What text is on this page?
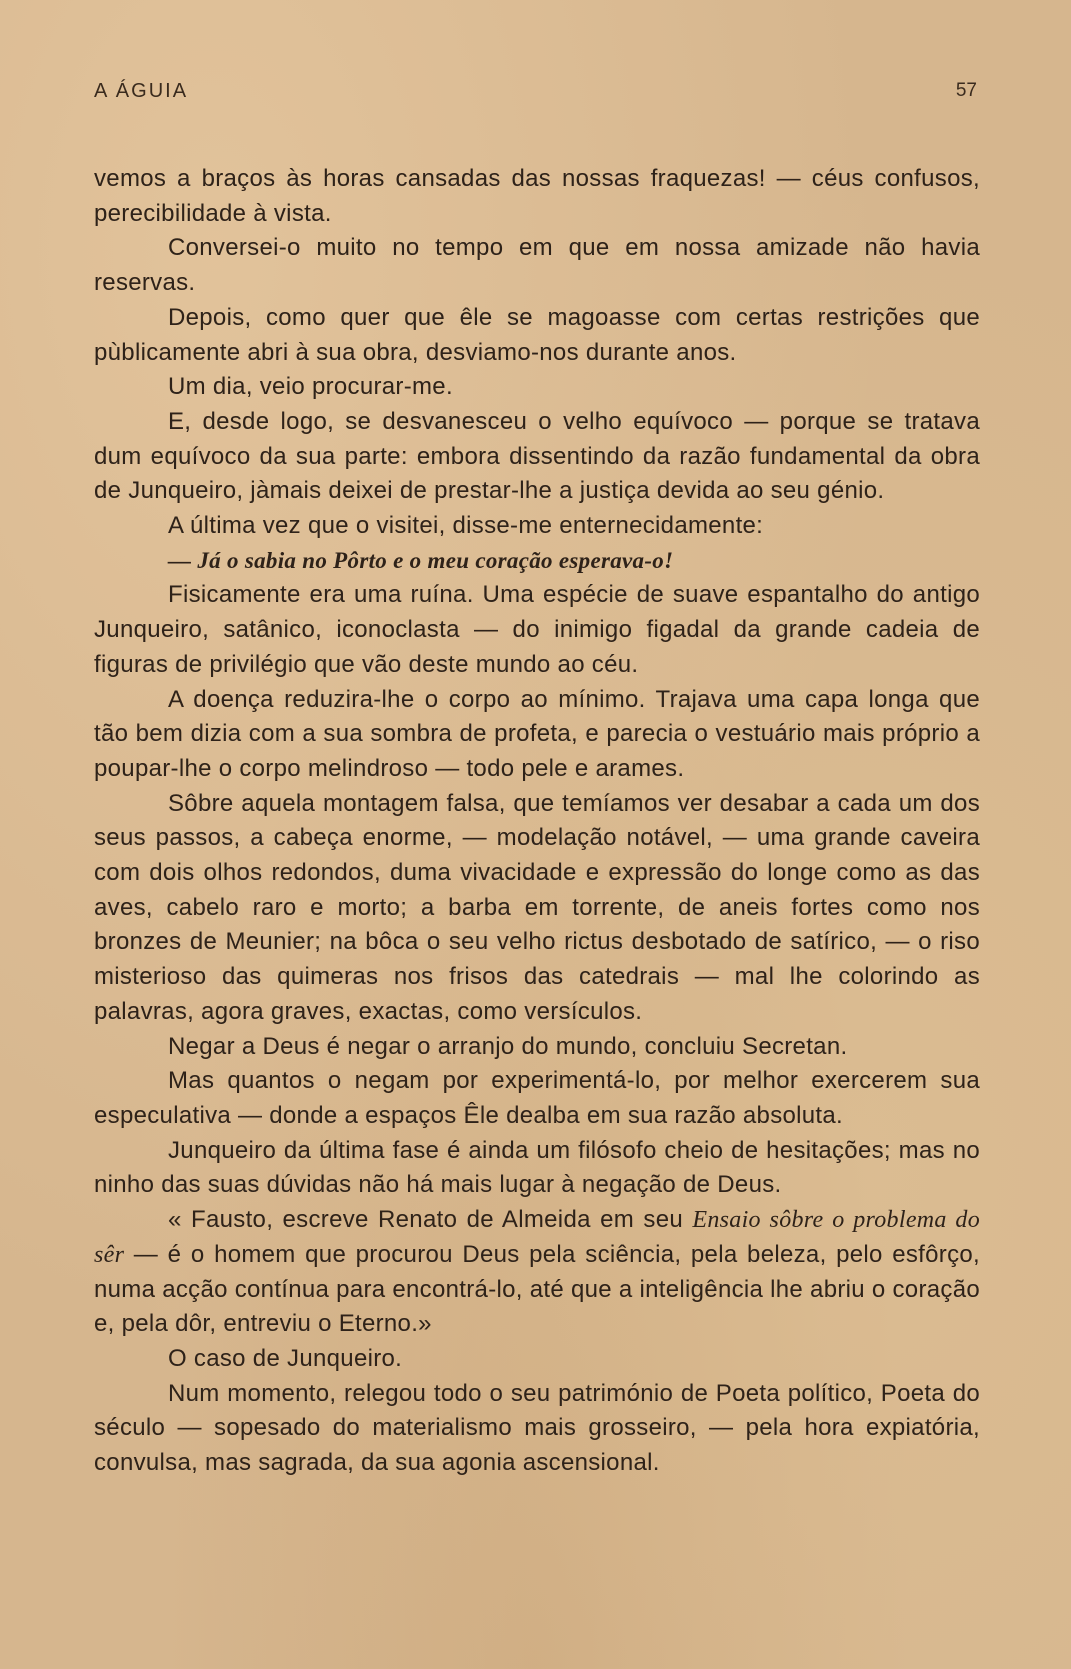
A ÁGUIA	57

vemos a braços às horas cansadas das nossas fraquezas! — céus confusos, perecibilidade à vista.

Conversei-o muito no tempo em que em nossa amizade não havia reservas.

Depois, como quer que êle se magoasse com certas restrições que pùblicamente abri à sua obra, desviamo-nos durante anos.

Um dia, veio procurar-me.

E, desde logo, se desvanesceu o velho equívoco — porque se tratava dum equívoco da sua parte: embora dissentindo da razão fundamental da obra de Junqueiro, jàmais deixei de prestar-lhe a justiça devida ao seu génio.

A última vez que o visitei, disse-me enternecidamente:

— Já o sabia no Pôrto e o meu coração esperava-o!

Fisicamente era uma ruína. Uma espécie de suave espantalho do antigo Junqueiro, satânico, iconoclasta — do inimigo figadal da grande cadeia de figuras de privilégio que vão deste mundo ao céu.

A doença reduzira-lhe o corpo ao mínimo. Trajava uma capa longa que tão bem dizia com a sua sombra de profeta, e parecia o vestuário mais próprio a poupar-lhe o corpo melindroso — todo pele e arames.

Sôbre aquela montagem falsa, que temíamos ver desabar a cada um dos seus passos, a cabeça enorme, — modelação notável, — uma grande caveira com dois olhos redondos, duma vivacidade e expressão do longe como as das aves, cabelo raro e morto; a barba em torrente, de aneis fortes como nos bronzes de Meunier; na bôca o seu velho rictus desbotado de satírico, — o riso misterioso das quimeras nos frisos das catedrais — mal lhe colorindo as palavras, agora graves, exactas, como versículos.

Negar a Deus é negar o arranjo do mundo, concluiu Secretan.

Mas quantos o negam por experimentá-lo, por melhor exercerem sua especulativa — donde a espaços Êle dealba em sua razão absoluta.

Junqueiro da última fase é ainda um filósofo cheio de hesitações; mas no ninho das suas dúvidas não há mais lugar à negação de Deus.

« Fausto, escreve Renato de Almeida em seu Ensaio sôbre o problema do sêr — é o homem que procurou Deus pela sciência, pela beleza, pelo esfôrço, numa acção contínua para encontrá-lo, até que a inteligência lhe abriu o coração e, pela dôr, entreviu o Eterno.»

O caso de Junqueiro.

Num momento, relegou todo o seu património de Poeta político, Poeta do século — sopesado do materialismo mais grosseiro, — pela hora expiatória, convulsa, mas sagrada, da sua agonia ascensional.
